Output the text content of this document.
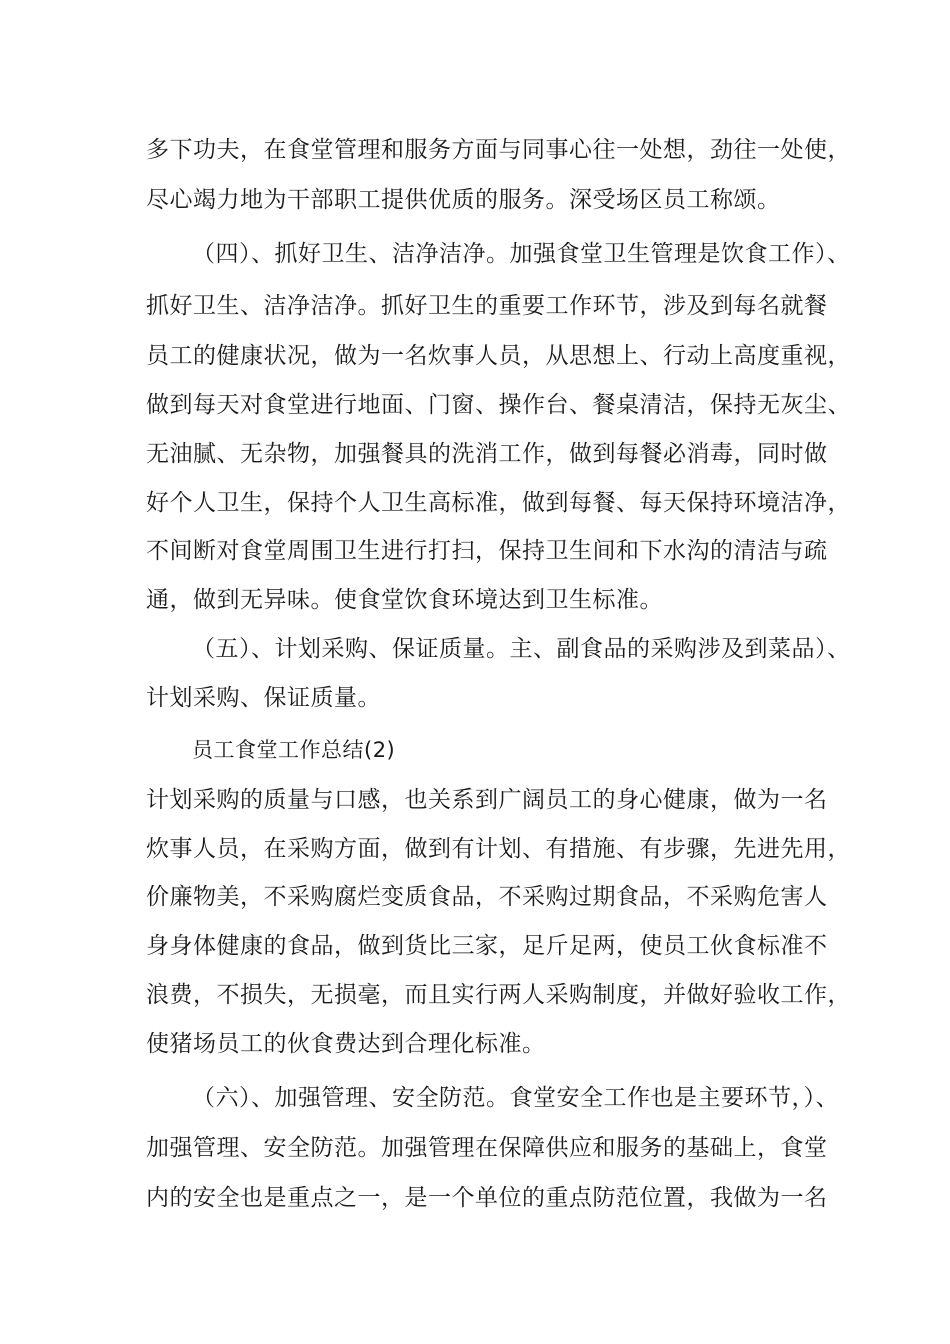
多下功夫，在食堂管理和服务方面与同事心往一处想，劲往一处使，
尽心竭力地为干部职工提供优质的服务。深受场区员工称颂。
（四）、抓好卫生、洁净洁净。加强食堂卫生管理是饮食工作）、
抓好卫生、洁净洁净。抓好卫生的重要工作环节，涉及到每名就餐
员工的健康状况，做为一名炊事人员，从思想上、行动上高度重视，
做到每天对食堂进行地面、门窗、操作台、餐桌清洁，保持无灰尘、
无油腻、无杂物，加强餐具的洗消工作，做到每餐必消毒，同时做
好个人卫生，保持个人卫生高标准，做到每餐、每天保持环境洁净，
不间断对食堂周围卫生进行打扫，保持卫生间和下水沟的清洁与疏
通，做到无异味。使食堂饮食环境达到卫生标准。
（五）、计划采购、保证质量。主、副食品的采购涉及到菜品）、
计划采购、保证质量。
员工食堂工作总结(2)
计划采购的质量与口感，也关系到广阔员工的身心健康，做为一名
炊事人员，在采购方面，做到有计划、有措施、有步骤，先进先用，
价廉物美，不采购腐烂变质食品，不采购过期食品，不采购危害人
身身体健康的食品，做到货比三家，足斤足两，使员工伙食标准不
浪费，不损失，无损毫，而且实行两人采购制度，并做好验收工作，
使猪场员工的伙食费达到合理化标准。
（六）、加强管理、安全防范。食堂安全工作也是主要环节，）、
加强管理、安全防范。加强管理在保障供应和服务的基础上，食堂
内的安全也是重点之一，是一个单位的重点防范位置，我做为一名
